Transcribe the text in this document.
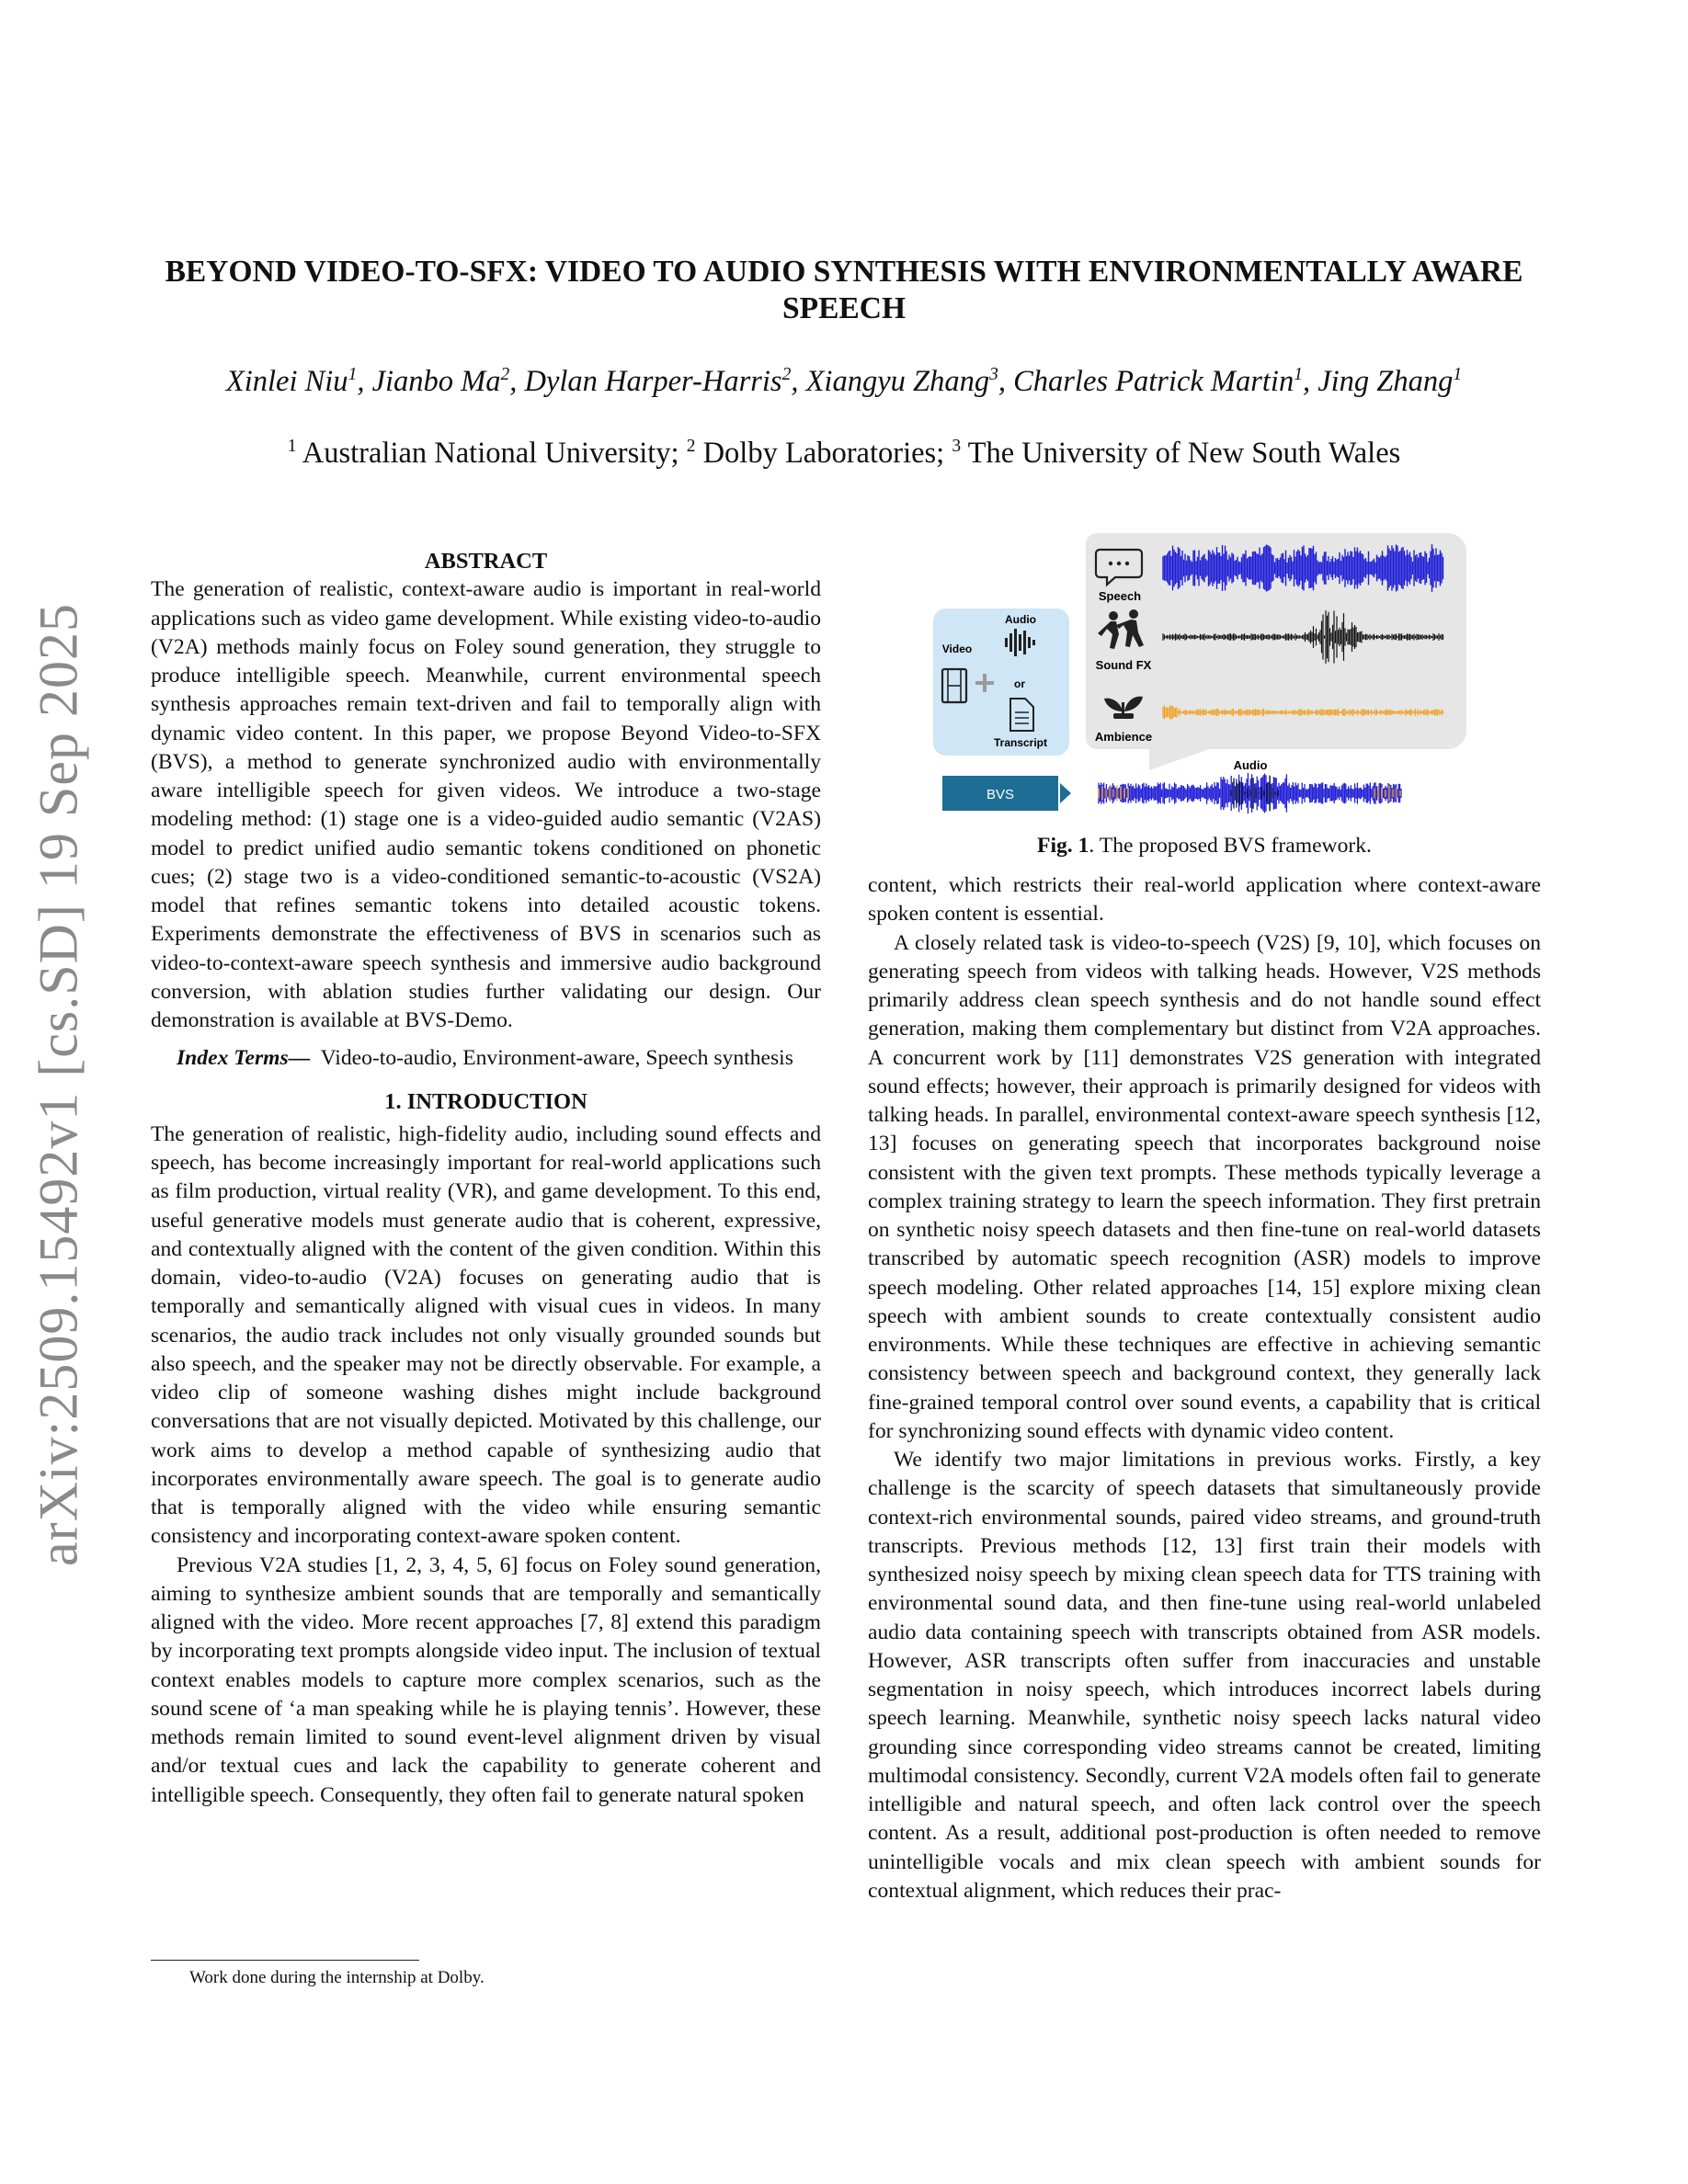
arXiv:2509.15492v1 [cs.SD] 19 Sep 2025
BEYOND VIDEO-TO-SFX: VIDEO TO AUDIO SYNTHESIS WITH ENVIRONMENTALLY AWARE SPEECH
Xinlei Niu$^1$, Jianbo Ma$^2$, Dylan Harper-Harris$^2$, Xiangyu Zhang$^3$, Charles Patrick Martin$^1$, Jing Zhang$^1$
$^1$ Australian National University; $^2$ Dolby Laboratories; $^3$ The University of New South Wales
ABSTRACT

The generation of realistic, context-aware audio is important in real-world applications such as video game development. While existing video-to-audio (V2A) methods mainly focus on Foley sound generation, they struggle to produce intelligible speech. Meanwhile, current environmental speech synthesis approaches remain text-driven and fail to temporally align with dynamic video content. In this paper, we propose Beyond Video-to-SFX (BVS), a method to generate synchronized audio with environmentally aware intelligible speech for given videos. We introduce a two-stage modeling method: (1) stage one is a video-guided audio semantic (V2AS) model to predict unified audio semantic tokens conditioned on phonetic cues; (2) stage two is a video-conditioned semantic-to-acoustic (VS2A) model that refines semantic tokens into detailed acoustic tokens. Experiments demonstrate the effectiveness of BVS in scenarios such as video-to-context-aware speech synthesis and immersive audio background conversion, with ablation studies further validating our design. Our demonstration is available at BVS-Demo.

Index Terms— Video-to-audio, Environment-aware, Speech synthesis

1. INTRODUCTION

The generation of realistic, high-fidelity audio, including sound effects and speech, has become increasingly important for real-world applications such as film production, virtual reality (VR), and game development. To this end, useful generative models must generate audio that is coherent, expressive, and contextually aligned with the content of the given condition. Within this domain, video-to-audio (V2A) focuses on generating audio that is temporally and semantically aligned with visual cues in videos. In many scenarios, the audio track includes not only visually grounded sounds but also speech, and the speaker may not be directly observable. For example, a video clip of someone washing dishes might include background conversations that are not visually depicted. Motivated by this challenge, our work aims to develop a method capable of synthesizing audio that incorporates environmentally aware speech. The goal is to generate audio that is temporally aligned with the video while ensuring semantic consistency and incorporating context-aware spoken content.

Previous V2A studies [1, 2, 3, 4, 5, 6] focus on Foley sound generation, aiming to synthesize ambient sounds that are temporally and semantically aligned with the video. More recent approaches [7, 8] extend this paradigm by incorporating text prompts alongside video input. The inclusion of textual context enables models to capture more complex scenarios, such as the sound scene of ‘a man speaking while he is playing tennis’. However, these methods remain limited to sound event-level alignment driven by visual and/or textual cues and lack the capability to generate coherent and intelligible speech. Consequently, they often fail to generate natural spoken

Work done during the internship at Dolby.
Speech
Sound FX
Ambience
Audio
Video
or
Transcript
BVS
Audio
Fig. 1. The proposed BVS framework.

content, which restricts their real-world application where context-aware spoken content is essential.

A closely related task is video-to-speech (V2S) [9, 10], which focuses on generating speech from videos with talking heads. However, V2S methods primarily address clean speech synthesis and do not handle sound effect generation, making them complementary but distinct from V2A approaches. A concurrent work by [11] demonstrates V2S generation with integrated sound effects; however, their approach is primarily designed for videos with talking heads. In parallel, environmental context-aware speech synthesis [12, 13] focuses on generating speech that incorporates background noise consistent with the given text prompts. These methods typically leverage a complex training strategy to learn the speech information. They first pretrain on synthetic noisy speech datasets and then fine-tune on real-world datasets transcribed by automatic speech recognition (ASR) models to improve speech modeling. Other related approaches [14, 15] explore mixing clean speech with ambient sounds to create contextually consistent audio environments. While these techniques are effective in achieving semantic consistency between speech and background context, they generally lack fine-grained temporal control over sound events, a capability that is critical for synchronizing sound effects with dynamic video content.

We identify two major limitations in previous works. Firstly, a key challenge is the scarcity of speech datasets that simultaneously provide context-rich environmental sounds, paired video streams, and ground-truth transcripts. Previous methods [12, 13] first train their models with synthesized noisy speech by mixing clean speech data for TTS training with environmental sound data, and then fine-tune using real-world unlabeled audio data containing speech with transcripts obtained from ASR models. However, ASR transcripts often suffer from inaccuracies and unstable segmentation in noisy speech, which introduces incorrect labels during speech learning. Meanwhile, synthetic noisy speech lacks natural video grounding since corresponding video streams cannot be created, limiting multimodal consistency. Secondly, current V2A models often fail to generate intelligible and natural speech, and often lack control over the speech content. As a result, additional post-production is often needed to remove unintelligible vocals and mix clean speech with ambient sounds for contextual alignment, which reduces their prac-
